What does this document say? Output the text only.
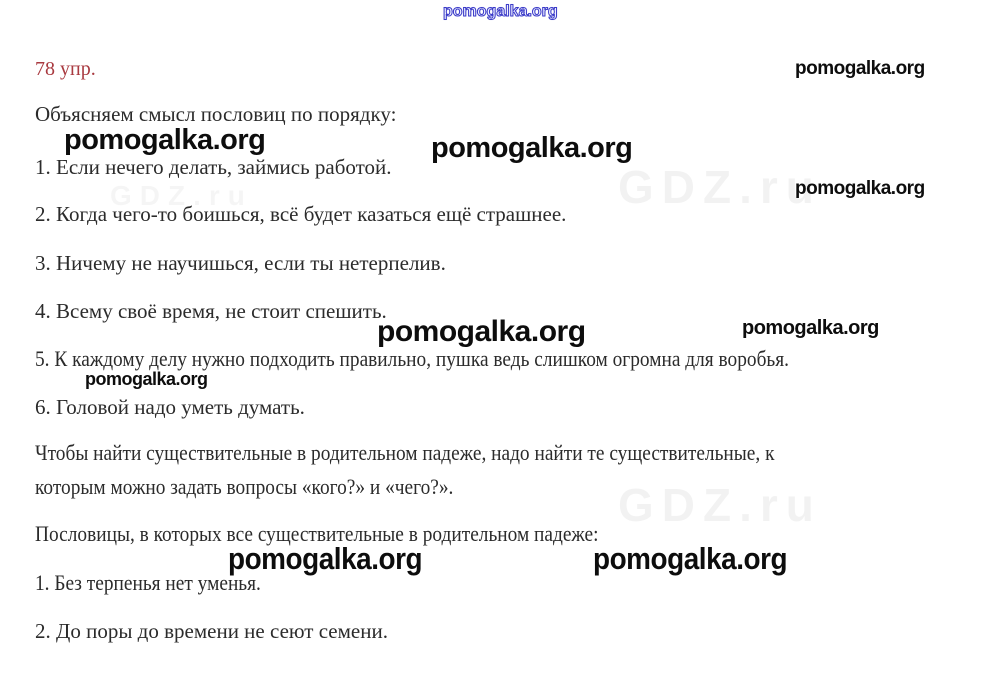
GDZ.ru
GDZ.ru
pomogalka.org
pomogalka.org
pomogalka.org	pomogalka.org
pomogalka.org
pomogalka.org	pomogalka.org
pomogalka.org
pomogalka.org	pomogalka.org
78 упр.
Объясняем смысл пословиц по порядку:
1. Если нечего делать, займись работой.
2. Когда чего-то боишься, всё будет казаться ещё страшнее.
3. Ничему не научишься, если ты нетерпелив.
4. Всему своё время, не стоит спешить.
5. К каждому делу нужно подходить правильно, пушка ведь слишком огромна для воробья.
6. Головой надо уметь думать.
Чтобы найти существительные в родительном падеже, надо найти те существительные, к
которым можно задать вопросы «кого?» и «чего?».
Пословицы, в которых все существительные в родительном падеже:
1. Без терпенья нет уменья.
2. До поры до времени не сеют семени.
